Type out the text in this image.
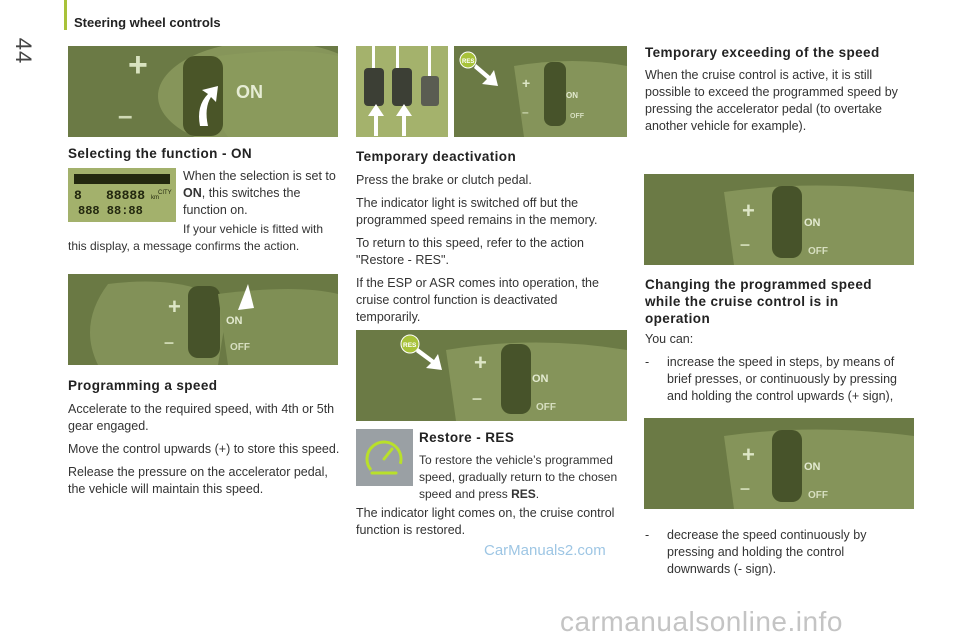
Steering wheel controls
44	+
–
ON
Selecting the function - ON
8 88888 km
CITY
888 88:88

When the selection is set to ON, this switches the function on.

If your vehicle is fitted with this display, a message confirms the action.

+
–
ON
OFF
Programming a speed

Accelerate to the required speed, with 4th or 5th gear engaged.

Move the control upwards (+) to store this speed.

Release the pressure on the accelerator pedal, the vehicle will maintain this speed.

+
–
ON
OFF
RES
Temporary deactivation

Press the brake or clutch pedal.

The indicator light is switched off but the programmed speed remains in the memory.

To return to this speed, refer to the action "Restore - RES".

If the ESP or ASR comes into operation, the cruise control function is deactivated temporarily.

+
–
ON
OFF
RES
Restore - RES

To restore the vehicle’s programmed speed, gradually return to the chosen speed and press RES.

The indicator light comes on, the cruise control function is restored.

CarManuals2.com
Temporary exceeding of the speed

When the cruise control is active, it is still possible to exceed the programmed speed by pressing the accelerator pedal (to overtake another vehicle for example).

+
–
ON
OFF
Changing the programmed speed while the cruise control is in operation

You can:

- increase the speed in steps, by means of brief presses, or continuously by pressing and holding the control upwards (+ sign),

+
–
ON
OFF

- decrease the speed continuously by pressing and holding the control downwards (- sign).

carmanualsonline.info
